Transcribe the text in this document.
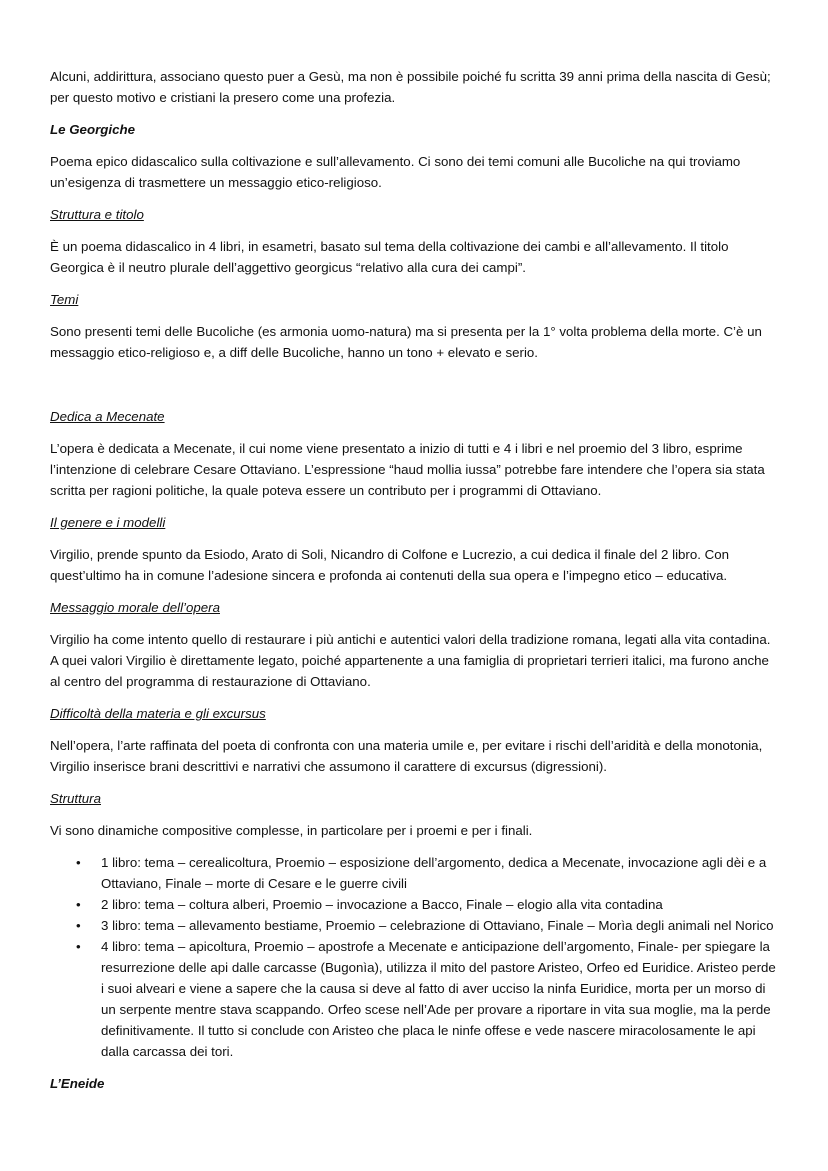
Alcuni, addirittura, associano questo puer a Gesù, ma non è possibile poiché fu scritta 39 anni prima della nascita di Gesù; per questo motivo e cristiani la presero come una profezia.

Le Georgiche

Poema epico didascalico sulla coltivazione e sull’allevamento. Ci sono dei temi comuni alle Bucoliche na qui troviamo un’esigenza di trasmettere un messaggio etico-religioso.

Struttura e titolo

È un poema didascalico in 4 libri, in esametri, basato sul tema della coltivazione dei cambi e all’allevamento. Il titolo Georgica è il neutro plurale dell’aggettivo georgicus “relativo alla cura dei campi”.

Temi

Sono presenti temi delle Bucoliche (es armonia uomo-natura) ma si presenta per la 1° volta problema della morte. C’è un messaggio etico-religioso e, a diff delle Bucoliche, hanno un tono + elevato e serio.

Dedica a Mecenate

L’opera è dedicata a Mecenate, il cui nome viene presentato a inizio di tutti e 4 i libri e nel proemio del 3 libro, esprime l’intenzione di celebrare Cesare Ottaviano. L’espressione “haud mollia iussa” potrebbe fare intendere che l’opera sia stata scritta per ragioni politiche, la quale poteva essere un contributo per i programmi di Ottaviano.

Il genere e i modelli

Virgilio, prende spunto da Esiodo, Arato di Soli, Nicandro di Colfone e Lucrezio, a cui dedica il finale del 2 libro. Con quest’ultimo ha in comune l’adesione sincera e profonda ai contenuti della sua opera e l’impegno etico – educativa.

Messaggio morale dell’opera

Virgilio ha come intento quello di restaurare i più antichi e autentici valori della tradizione romana, legati alla vita contadina. A quei valori Virgilio è direttamente legato, poiché appartenente a una famiglia di proprietari terrieri italici, ma furono anche al centro del programma di restaurazione di Ottaviano.

Difficoltà della materia e gli excursus

Nell’opera, l’arte raffinata del poeta di confronta con una materia umile e, per evitare i rischi dell’aridità e della monotonia, Virgilio inserisce brani descrittivi e narrativi che assumono il carattere di excursus (digressioni).

Struttura

Vi sono dinamiche compositive complesse, in particolare per i proemi e per i finali.

• 1 libro: tema – cerealicoltura, Proemio – esposizione dell’argomento, dedica a Mecenate, invocazione agli dèi e a Ottaviano, Finale – morte di Cesare e le guerre civili
• 2 libro: tema – coltura alberi, Proemio – invocazione a Bacco, Finale – elogio alla vita contadina
• 3 libro: tema – allevamento bestiame, Proemio – celebrazione di Ottaviano, Finale – Morìa degli animali nel Norico
• 4 libro: tema – apicoltura, Proemio – apostrofe a Mecenate e anticipazione dell’argomento, Finale- per spiegare la resurrezione delle api dalle carcasse (Bugonìa), utilizza il mito del pastore Aristeo, Orfeo ed Euridice. Aristeo perde i suoi alveari e viene a sapere che la causa si deve al fatto di aver ucciso la ninfa Euridice, morta per un morso di un serpente mentre stava scappando. Orfeo scese nell’Ade per provare a riportare in vita sua moglie, ma la perde definitivamente. Il tutto si conclude con Aristeo che placa le ninfe offese e vede nascere miracolosamente le api dalla carcassa dei tori.

L’Eneide
